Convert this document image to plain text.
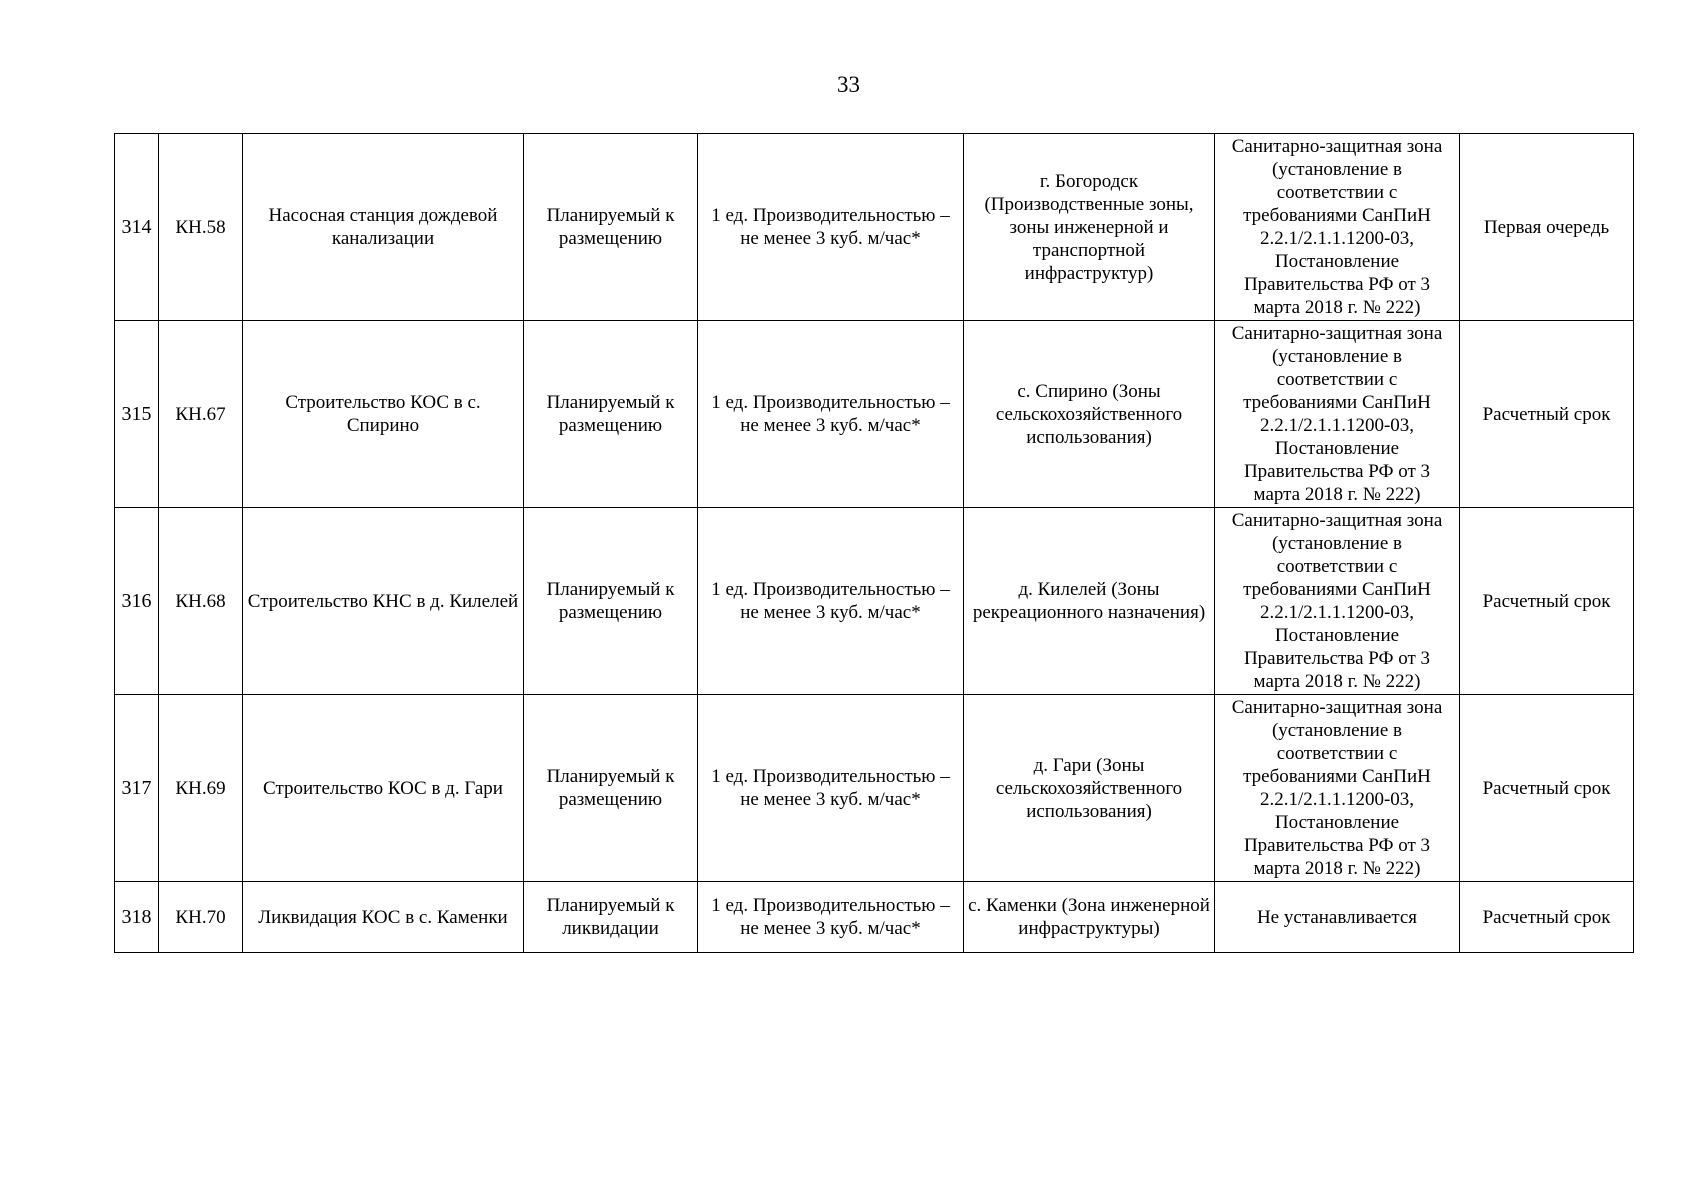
33
314	КН.58	Насосная станция дождевой канализации	Планируемый к размещению	1 ед. Производительностью – не менее 3 куб. м/час*	г. Богородск (Производственные зоны, зоны инженерной и транспортной инфраструктур)	Санитарно-защитная зона (установление в соответствии с требованиями СанПиН 2.2.1/2.1.1.1200-03, Постановление Правительства РФ от 3 марта 2018 г. № 222)	Первая очередь
315	КН.67	Строительство КОС в с. Спирино	Планируемый к размещению	1 ед. Производительностью – не менее 3 куб. м/час*	с. Спирино (Зоны сельскохозяйственного использования)	Санитарно-защитная зона (установление в соответствии с требованиями СанПиН 2.2.1/2.1.1.1200-03, Постановление Правительства РФ от 3 марта 2018 г. № 222)	Расчетный срок
316	КН.68	Строительство КНС в д. Килелей	Планируемый к размещению	1 ед. Производительностью – не менее 3 куб. м/час*	д. Килелей (Зоны рекреационного назначения)	Санитарно-защитная зона (установление в соответствии с требованиями СанПиН 2.2.1/2.1.1.1200-03, Постановление Правительства РФ от 3 марта 2018 г. № 222)	Расчетный срок
317	КН.69	Строительство КОС в д. Гари	Планируемый к размещению	1 ед. Производительностью – не менее 3 куб. м/час*	д. Гари (Зоны сельскохозяйственного использования)	Санитарно-защитная зона (установление в соответствии с требованиями СанПиН 2.2.1/2.1.1.1200-03, Постановление Правительства РФ от 3 марта 2018 г. № 222)	Расчетный срок
318	КН.70	Ликвидация КОС в с. Каменки	Планируемый к ликвидации	1 ед. Производительностью – не менее 3 куб. м/час*	с. Каменки (Зона инженерной инфраструктуры)	Не устанавливается	Расчетный срок
